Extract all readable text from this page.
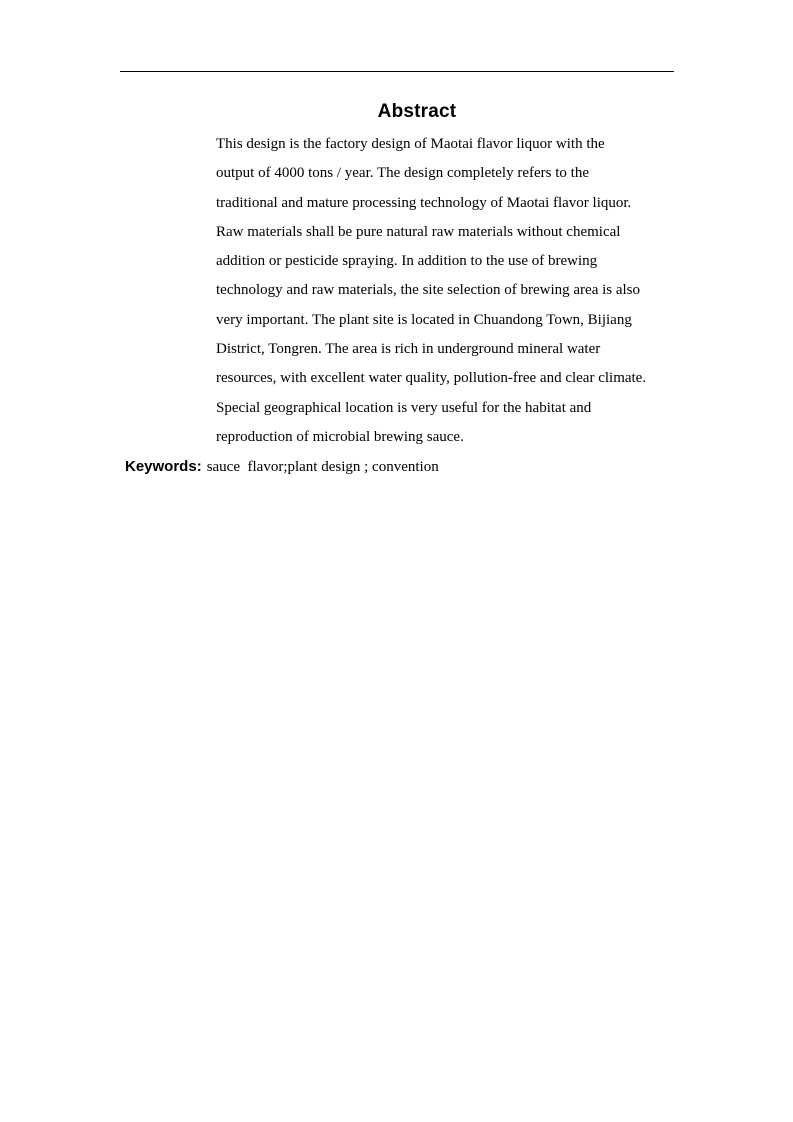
Abstract
This design is the factory design of Maotai flavor liquor with the
output of 4000 tons / year. The design completely refers to the
traditional and mature processing technology of Maotai flavor liquor.
Raw materials shall be pure natural raw materials without chemical
addition or pesticide spraying. In addition to the use of brewing
technology and raw materials, the site selection of brewing area is also
very important. The plant site is located in Chuandong Town, Bijiang
District, Tongren. The area is rich in underground mineral water
resources, with excellent water quality, pollution-free and clear climate.
Special geographical location is very useful for the habitat and
reproduction of microbial brewing sauce.
Keywords: sauce  flavor;plant design ; convention
